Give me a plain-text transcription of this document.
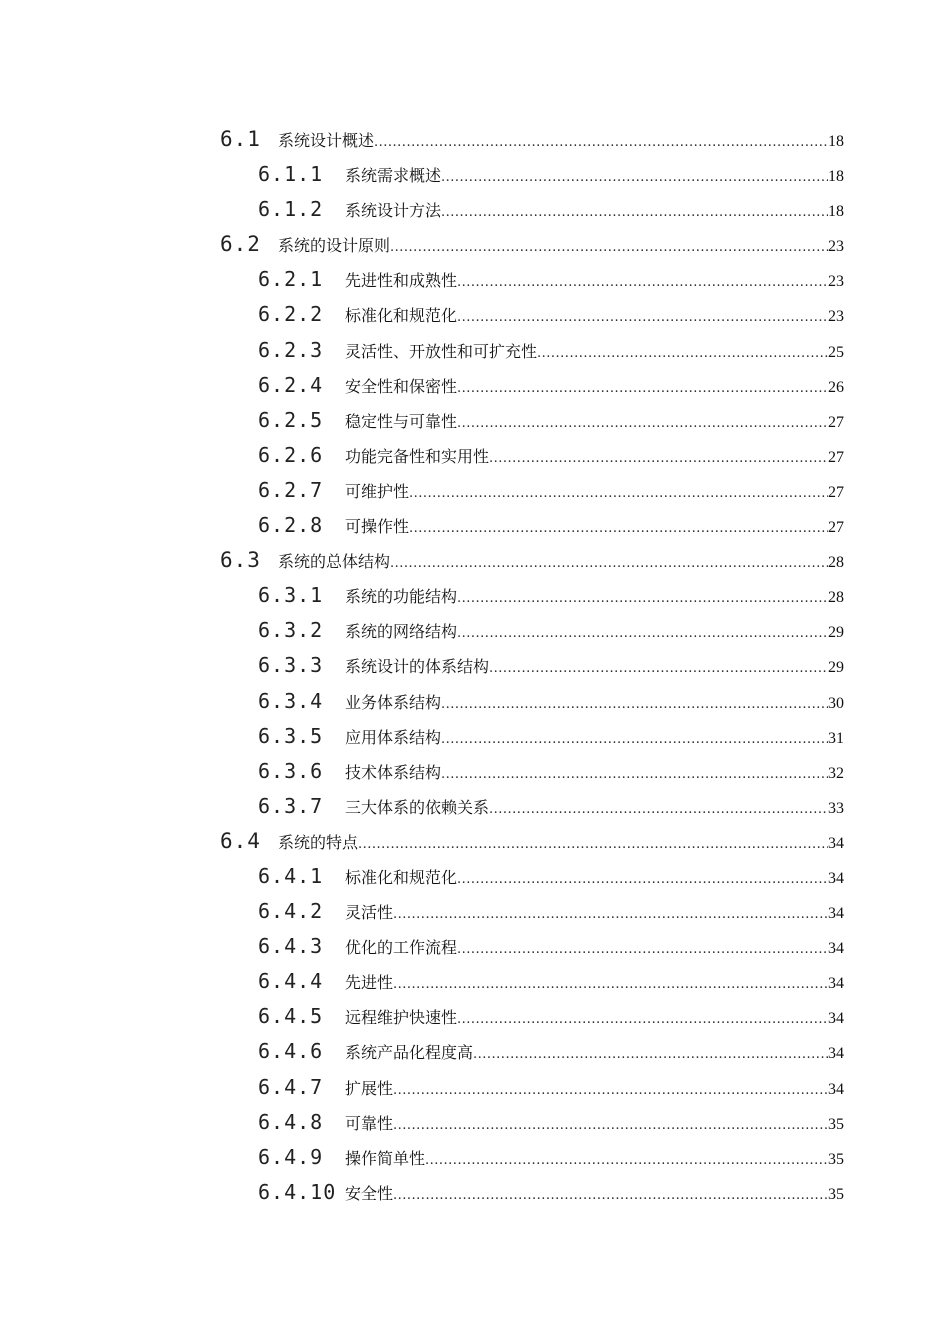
6.1	系统设计概述 .....	18
6.1.1	系统需求概述 .....	18
6.1.2	系统设计方法 .....	18
6.2	系统的设计原则 .....	23
6.2.1	先进性和成熟性 .....	23
6.2.2	标准化和规范化 .....	23
6.2.3	灵活性、开放性和可扩充性 .....	25
6.2.4	安全性和保密性 .....	26
6.2.5	稳定性与可靠性 .....	27
6.2.6	功能完备性和实用性 .....	27
6.2.7	可维护性 .....	27
6.2.8	可操作性 .....	27
6.3	系统的总体结构 .....	28
6.3.1	系统的功能结构 .....	28
6.3.2	系统的网络结构 .....	29
6.3.3	系统设计的体系结构 .....	29
6.3.4	业务体系结构 .....	30
6.3.5	应用体系结构 .....	31
6.3.6	技术体系结构 .....	32
6.3.7	三大体系的依赖关系 .....	33
6.4	系统的特点 .....	34
6.4.1	标准化和规范化 .....	34
6.4.2	灵活性 .....	34
6.4.3	优化的工作流程 .....	34
6.4.4	先进性 .....	34
6.4.5	远程维护快速性 .....	34
6.4.6	系统产品化程度高 .....	34
6.4.7	扩展性 .....	34
6.4.8	可靠性 .....	35
6.4.9	操作简单性 .....	35
6.4.10 安全性 .....	35
